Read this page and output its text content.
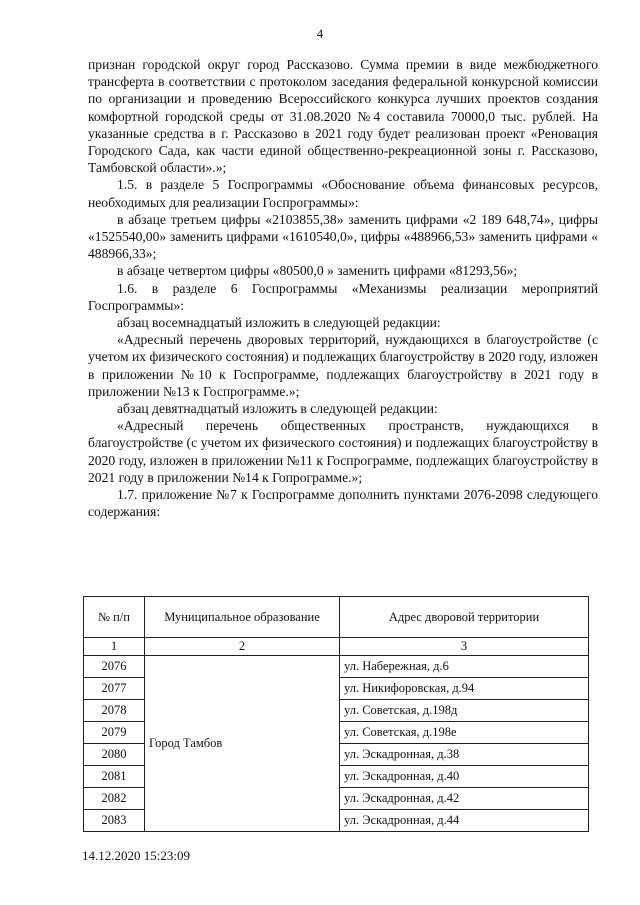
4

признан городской округ город Рассказово. Сумма премии в виде межбюджетного трансферта в соответствии с протоколом заседания федеральной конкурсной комиссии по организации и проведению Всероссийского конкурса лучших проектов создания комфортной городской среды от 31.08.2020 №4 составила 70000,0 тыс. рублей. На указанные средства в г. Рассказово в 2021 году будет реализован проект «Реновация Городского Сада, как части единой общественно-рекреационной зоны г. Рассказово, Тамбовской области».»;

1.5. в разделе 5 Госпрограммы «Обоснование объема финансовых ресурсов, необходимых для реализации Госпрограммы»:

в абзаце третьем цифры «2103855,38» заменить цифрами «2 189 648,74», цифры «1525540,00» заменить цифрами «1610540,0», цифры «488966,53» заменить цифрами « 488966,33»;

в абзаце четвертом цифры «80500,0 » заменить цифрами «81293,56»;

1.6. в разделе 6 Госпрограммы «Механизмы реализации мероприятий Госпрограммы»:

абзац восемнадцатый изложить в следующей редакции:

«Адресный перечень дворовых территорий, нуждающихся в благоустройстве (с учетом их физического состояния) и подлежащих благоустройству в 2020 году, изложен в приложении №10 к Госпрограмме, подлежащих благоустройству в 2021 году в приложении №13 к Госпрограмме.»;

абзац девятнадцатый изложить в следующей редакции:

«Адресный перечень общественных пространств, нуждающихся в благоустройстве (с учетом их физического состояния) и подлежащих благоустройству в 2020 году, изложен в приложении №11 к Госпрограмме, подлежащих благоустройству в 2021 году в приложении №14 к Гопрограмме.»;

1.7. приложение №7 к Госпрограмме дополнить пунктами 2076-2098 следующего содержания:

№ п/п	Муниципальное образование	Адрес дворовой территории
1	2	3
2076	Город Тамбов	ул. Набережная, д.6
2077		ул. Никифоровская, д.94
2078		ул. Советская, д.198д
2079		ул. Советская, д.198е
2080		ул. Эскадронная, д.38
2081		ул. Эскадронная, д.40
2082		ул. Эскадронная, д.42
2083		ул. Эскадронная, д.44
14.12.2020 15:23:09
